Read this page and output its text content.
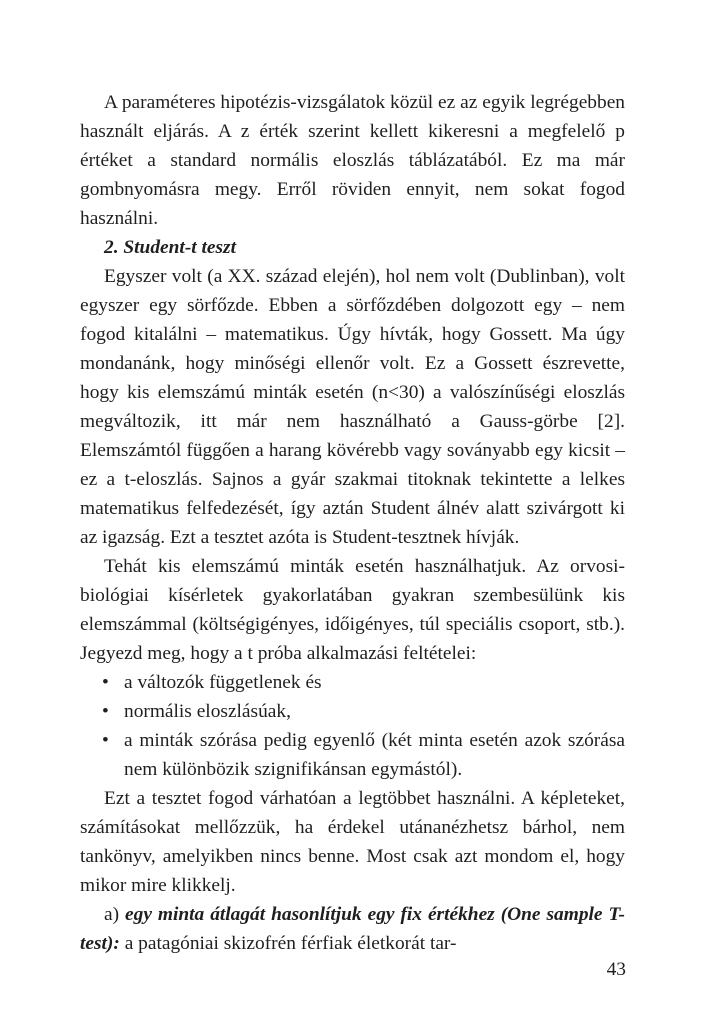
A paraméteres hipotézis-vizsgálatok közül ez az egyik legrégebben használt eljárás. A z érték szerint kellett kikeresni a megfelelő p értéket a standard normális eloszlás táblázatából. Ez ma már gombnyomásra megy. Erről röviden ennyit, nem sokat fogod használni.

2. Student-t teszt

Egyszer volt (a XX. század elején), hol nem volt (Dublinban), volt egyszer egy sörfőzde. Ebben a sörfőzdében dolgozott egy – nem fogod kitalálni – matematikus. Úgy hívták, hogy Gossett. Ma úgy mondanánk, hogy minőségi ellenőr volt. Ez a Gossett észrevette, hogy kis elemszámú minták esetén (n<30) a valószínűségi eloszlás megváltozik, itt már nem használható a Gauss-görbe [2]. Elemszámtól függően a harang kövérebb vagy soványabb egy kicsit – ez a t-eloszlás. Sajnos a gyár szakmai titoknak tekintette a lelkes matematikus felfedezését, így aztán Student álnév alatt szivárgott ki az igazság. Ezt a tesztet azóta is Student-tesztnek hívják.

Tehát kis elemszámú minták esetén használhatjuk. Az orvosi-biológiai kísérletek gyakorlatában gyakran szembesülünk kis elemszámmal (költségigényes, időigényes, túl speciális csoport, stb.). Jegyezd meg, hogy a t próba alkalmazási feltételei:

• a változók függetlenek és
• normális eloszlásúak,
• a minták szórása pedig egyenlő (két minta esetén azok szórása nem különbözik szignifikánsan egymástól).

Ezt a tesztet fogod várhatóan a legtöbbet használni. A képleteket, számításokat mellőzzük, ha érdekel utánanézhetsz bárhol, nem tankönyv, amelyikben nincs benne. Most csak azt mondom el, hogy mikor mire klikkelj.

a) egy minta átlagát hasonlítjuk egy fix értékhez (One sample T-test): a patagóniai skizofrén férfiak életkorát tar-

43
